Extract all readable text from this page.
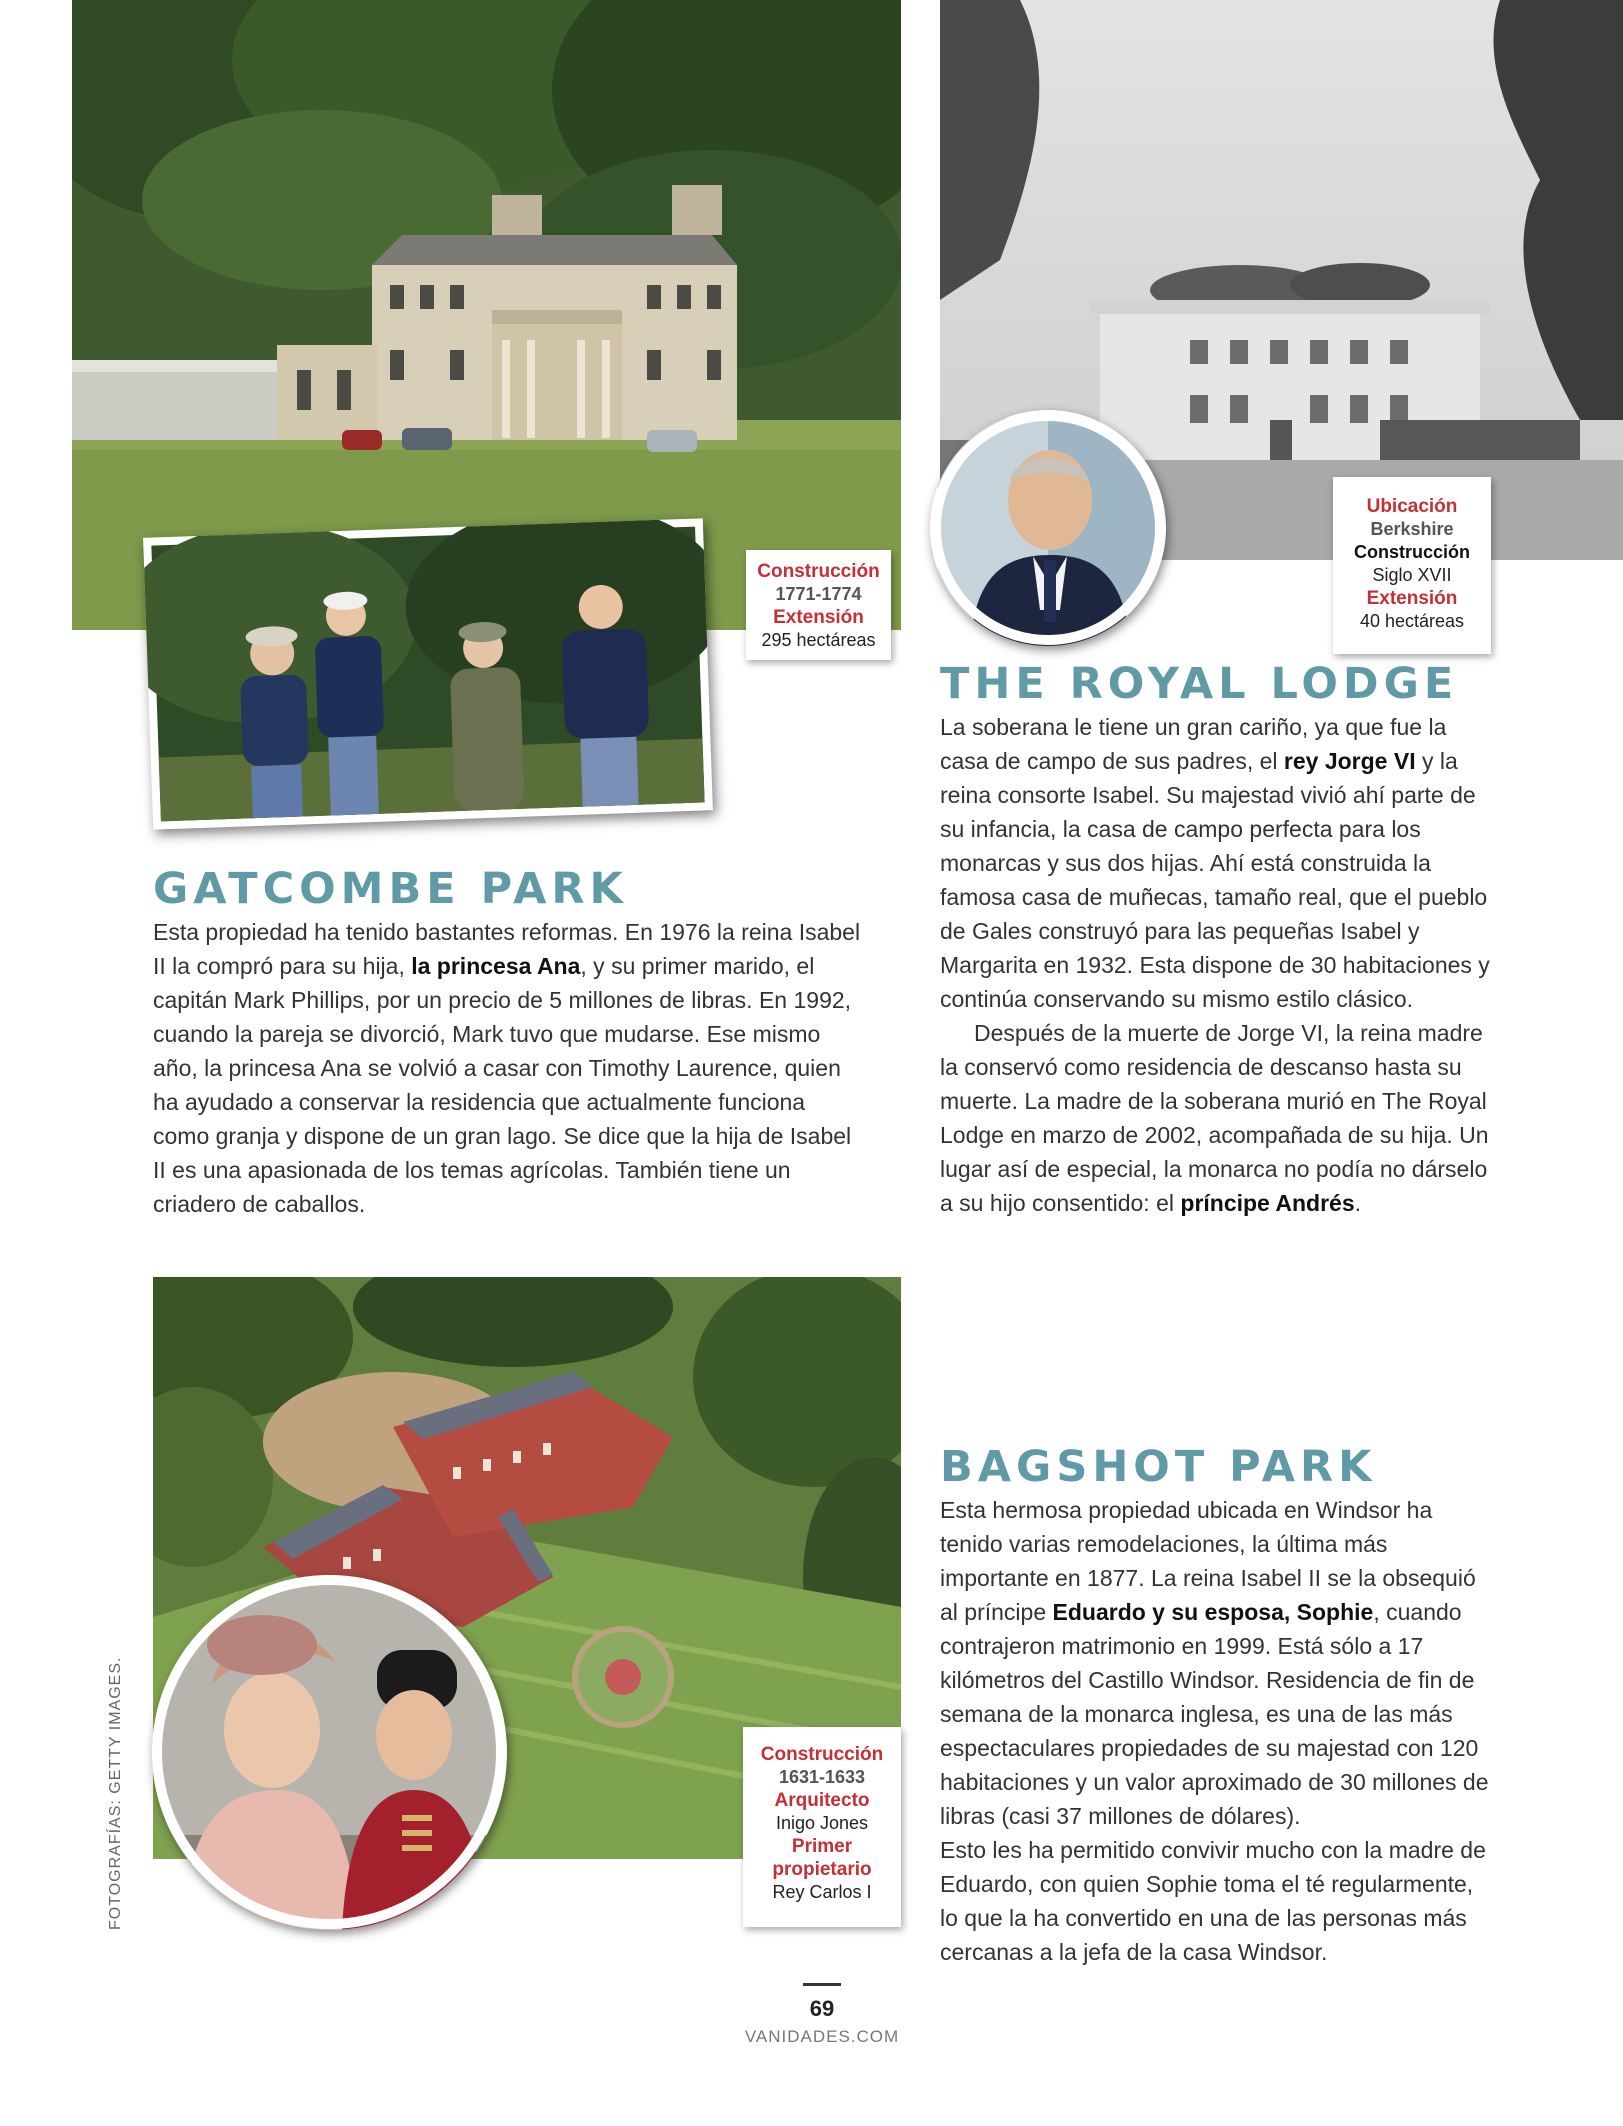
Construcción
1771-1774
Extensión
295 hectáreas
Ubicación
Berkshire
Construcción
Siglo XVII
Extensión
40 hectáreas
THE ROYAL LODGE

La soberana le tiene un gran cariño, ya que fue la casa de campo de sus padres, el rey Jorge VI y la reina consorte Isabel. Su majestad vivió ahí parte de su infancia, la casa de campo perfecta para los monarcas y sus dos hijas. Ahí está construida la famosa casa de muñecas, tamaño real, que el pueblo de Gales construyó para las pequeñas Isabel y Margarita en 1932. Esta dispone de 30 habitaciones y continúa conservando su mismo estilo clásico.

Después de la muerte de Jorge VI, la reina madre la conservó como residencia de descanso hasta su muerte. La madre de la soberana murió en The Royal Lodge en marzo de 2002, acompañada de su hija. Un lugar así de especial, la monarca no podía no dárselo a su hijo consentido: el príncipe Andrés.

GATCOMBE PARK

Esta propiedad ha tenido bastantes reformas. En 1976 la reina Isabel II la compró para su hija, la princesa Ana, y su primer marido, el capitán Mark Phillips, por un precio de 5 millones de libras. En 1992, cuando la pareja se divorció, Mark tuvo que mudarse. Ese mismo año, la princesa Ana se volvió a casar con Timothy Laurence, quien ha ayudado a conservar la residencia que actualmente funciona como granja y dispone de un gran lago. Se dice que la hija de Isabel II es una apasionada de los temas agrícolas. También tiene un criadero de caballos.

Construcción
1631-1633
Arquitecto
Inigo Jones
Primer
propietario
Rey Carlos I
BAGSHOT PARK

Esta hermosa propiedad ubicada en Windsor ha tenido varias remodelaciones, la última más importante en 1877. La reina Isabel II se la obsequió al príncipe Eduardo y su esposa, Sophie, cuando contrajeron matrimonio en 1999. Está sólo a 17 kilómetros del Castillo Windsor. Residencia de fin de semana de la monarca inglesa, es una de las más espectaculares propiedades de su majestad con 120 habitaciones y un valor aproximado de 30 millones de libras (casi 37 millones de dólares).

Esto les ha permitido convivir mucho con la madre de Eduardo, con quien Sophie toma el té regularmente, lo que la ha convertido en una de las personas más cercanas a la jefa de la casa Windsor.

FOTOGRAFÍAS: GETTY IMAGES.
69
VANIDADES.COM
